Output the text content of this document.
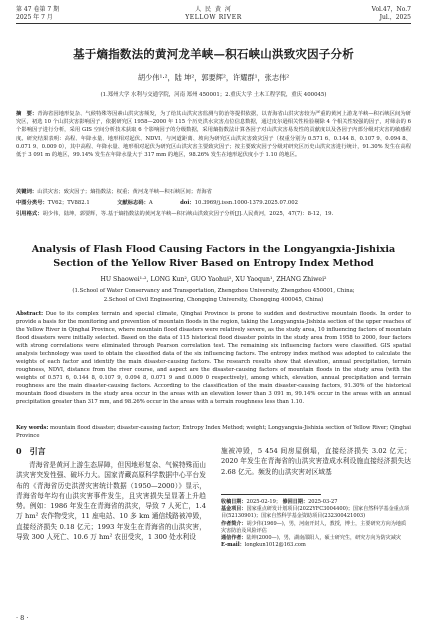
第 47 卷第 7 期
2025 年 7 月
人 民 黄 河
YELLOW RIVER
Vol.47，No.7
Jul.，2025
基于熵指数法的黄河龙羊峡—积石峡山洪致灾因子分析
胡少伟¹·²，陆 坤²，郭要辉²，许耀群¹，张志伟²
(1.郑州大学 水利与交通学院，河南 郑州 450001；2.重庆大学 土木工程学院，重庆 400045)
摘　要：青海省因地形复杂、气候特殊等因素山洪灾害频发，为了给其山洪灾害监测与防治等提供依据，以青海省山洪灾害较为严重的黄河上游龙羊峡—积石峡区间为研究区，初选 10 个山洪灾害影响因子，依据研究区 1958—2000 年 115 个历史洪水灾害点位信息数据，通过皮尔逊相关性检验剔除 4 个相关性较强的因子，对筛余的 6 个影响因子进行分析，采用 GIS 空间分析技术获取 6 个影响因子的分级数据，采用熵指数法计算各因子对山洪灾害易发性的贡献度以及各因子内部分级对灾害的敏感程度。研究结果表明：高程、年降水量、地形相对起伏、NDVI、与河道距离、坡向为研究区山洪灾害致灾因子（权重分别为 0.571 6、0.144 8、0.107 9、0.094 8、0.071 9、0.009 0），其中高程、年降水量、地形相对起伏为研究区山洪灾害主要致灾因子；按主要致灾因子分级对研究区历史山洪灾害进行统计，91.30% 发生在高程低于 3 091 m 的地区，99.14% 发生在年降水量大于 317 mm 的地区，98.26% 发生在地形起伏度小于 1.10 的地区。
关键词：山洪灾害；致灾因子；熵指数法；权重；黄河龙羊峡—积石峡区间；青海省
中图分类号：TV62；TV882.1	文献标志码：A	doi：10.3969/j.issn.1000-1379.2025.07.002
引用格式：胡少伟，陆坤，郭要辉，等.基于熵指数法的黄河龙羊峡—积石峡山洪致灾因子分析[J].人民黄河，2025，47(7)：8-12，19.
Analysis of Flash Flood Causing Factors in the Longyangxia-Jishixia
Section of the Yellow River Based on Entropy Index Method
HU Shaowei¹·², LONG Kun², GUO Yaohui², XU Yaoqun¹, ZHANG Zhiwei²
(1.School of Water Conservancy and Transportation, Zhengzhou University, Zhengzhou 450001, China;
2.School of Civil Engineering, Chongqing University, Chongqing 400045, China)
Abstract: Due to its complex terrain and special climate, Qinghai Province is prone to sudden and destructive mountain floods. In order to provide a basis for the monitoring and prevention of mountain floods in the region, taking the Longyangxia-Jishixia section of the upper reaches of the Yellow River in Qinghai Province, where mountain flood disasters were relatively severe, as the study area, 10 influencing factors of mountain flood disasters were initially selected. Based on the data of 115 historical flood disaster points in the study area from 1958 to 2000, four factors with strong correlations were eliminated through Pearson correlation test. The remaining six influencing factors were classified. GIS spatial analysis technology was used to obtain the classified data of the six influencing factors. The entropy index method was adopted to calculate the weights of each factor and identify the main disaster-causing factors. The research results show that elevation, annual precipitation, terrain roughness, NDVI, distance from the river course, and aspect are the disaster-causing factors of mountain floods in the study area (with the weights of 0.571 6, 0.144 8, 0.107 9, 0.094 8, 0.071 9 and 0.009 0 respectively), among which, elevation, annual precipitation and terrain roughness are the main disaster-causing factors. According to the classification of the main disaster-causing factors, 91.30% of the historical mountain flood disasters in the study area occur in the areas with an elevation lower than 3 091 m, 99.14% occur in the areas with an annual precipitation greater than 317 mm, and 98.26% occur in the areas with a terrain roughness less than 1.10.
Key words: mountain flood disaster; disaster-causing factor; Entropy Index Method; weight; Longyangxia-Jishixia section of Yellow River; Qinghai Province
0　引言
青海省是黄河上游生态屏障，但因地形复杂、气候特殊而山洪灾害突发性强、破坏力大。国家青藏高原科学数据中心平台发布的《青海省历史洪涝灾害统计数据（1950—2000）》显示，青海省每年均有山洪灾害事件发生，且灾害损失呈显著上升趋势。例如：1986 年发生在青海省的洪灾，导致 7 人死亡，1.4 万 hm² 农作物受灾，11 座电站、10 多 km 通信线路被冲毁，直接经济损失 0.18 亿元；1993 年发生在青海省的山洪灾害，导致 300 人死亡、10.6 万 hm² 农田受灾，1 300 处水利设
施被冲毁，5 454 间房屋倒塌，直接经济损失 3.02 亿元；2020 年发生在青海省的山洪灾害造成水利设施直接经济损失达 2.68 亿元。频发的山洪灾害对区域基
收稿日期：2025-02-19； 修回日期：2025-03-27
基金项目：国家重点研发计划项目(2022YFC3004400)；国家自然科学基金重点项目(52130901)；国家自然科学基金资助项目(232300421003)
作者简介：胡少伟(1969—)，男，河南开封人，教授，博士，主要研究方向为地质灾害防治及风险评估
通信作者：陆坤(2000—)，男，湖南邵阳人，硕士研究生，研究方向为防灾减灾
E-mail：longkun1012@163.com
· 8 ·
